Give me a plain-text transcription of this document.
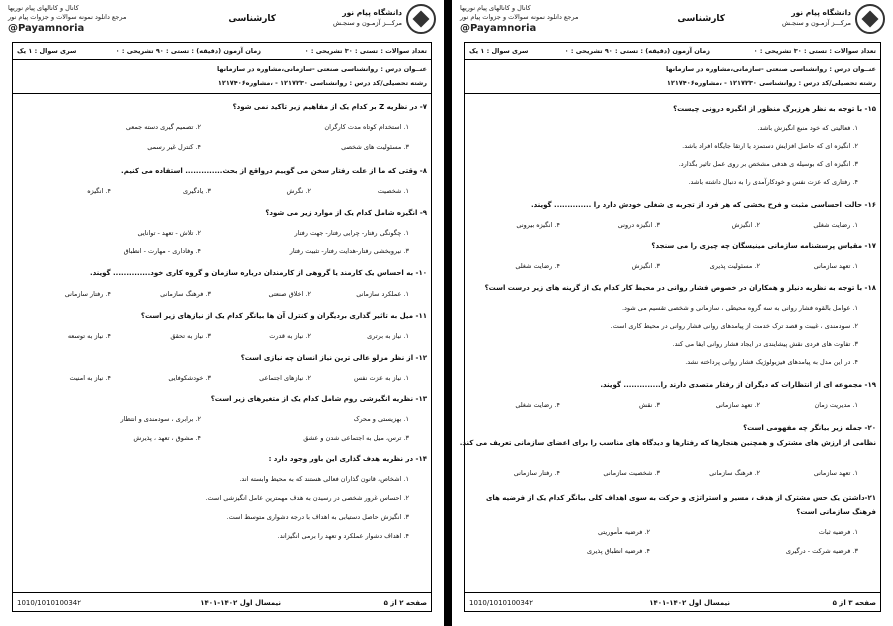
دانشگاه پیام نور
مرکـــز آزمـون و سنجـش
کارشناسی
کانال و کانالهای پیام نوریها
مرجع دانلود نمونه سوالات و جزوات پیام نور
@Payamnoria
تعداد سوالات : تستی : ۳۰ تشریحی : ۰
زمان آزمون (دقیقه) : تستی : ۹۰ تشریحی : ۰
سری سوال : ۱ یک
عنــوان درس : روانشناسی صنعتی -سازمانی،مشاوره در سازمانها
رشته تحصیلی/کد درس : روانشناسی ۱۲۱۷۲۳۰ - ،مشاوره۱۲۱۷۴۰۶
۷- در نظریه Z بر کدام یک از مفاهیم زیر تاکید نمی شود؟
۱. استخدام کوتاه مدت کارگران
۲. تصمیم گیری دسته جمعی
۳. مسئولیت های شخصی
۴. کنترل غیر رسمی
۸- وقتی که ما از علت رفتار سخن می گوییم درواقع از بحث.............. استفاده می کنیم.
۱. شخصیت
۲. نگرش
۳. یادگیری
۴. انگیزه
۹- انگیزه شامل کدام یک از موارد زیر می شود؟
۱. چگونگی رفتار- چرایی رفتار- جهت رفتار
۲. تلاش - تعهد - توانایی
۳. نیروبخشی رفتار-هدایت رفتار- تثبیت رفتار
۴. وفاداری - مهارت - انطباق
۱۰- به احساس یک کارمند یا گروهی از کارمندان درباره سازمان و گروه کاری خود.............. گویند.
۱. عملکرد سازمانی
۲. اخلاق صنعتی
۳. فرهنگ سازمانی
۴. رفتار سازمانی
۱۱- میل به تاثیر گذاری بردیگران و کنترل آن ها بیانگر کدام یک از نیازهای زیر است؟
۱. نیاز به برتری
۲. نیاز به قدرت
۳. نیاز به تحقق
۴. نیاز به توسعه
۱۲- از نظر مزلو عالی ترین نیاز انسان چه نیازی است؟
۱. نیاز به عزت نفس
۲. نیازهای اجتماعی
۳. خودشکوفایی
۴. نیاز به امنیت
۱۳- نظریه انگیزشی روم شامل کدام یک از متغیرهای زیر است؟
۱. بهزیستی و محرک
۲. برابری ، سودمندی و انتظار
۳. ترس، میل به اجتماعی شدن و عشق
۴. مشوق ، تعهد ، پذیرش
۱۴- در نظریه هدف گذاری این باور وجود دارد :
۱. اشخاص، قانون گذاران فعالی هستند که به محیط وابسته اند.
۲. احساس غرور شخصی در رسیدن به هدف مهمترین عامل انگیزشی است.
۳. انگیزش حاصل دستیابی به اهداف با درجه دشواری متوسط است.
۴. اهداف دشوار عملکرد و تعهد را برمی انگیزاند.
صفحه ۲ از ۵
نیمسال اول ۱۴۰۲-۱۴۰۱
1010/101010034۲
دانشگاه پیام نور
مرکـــز آزمـون و سنجـش
کارشناسی
کانال و کانالهای پیام نوریها
مرجع دانلود نمونه سوالات و جزوات پیام نور
@Payamnoria
تعداد سوالات : تستی : ۳۰ تشریحی : ۰
زمان آزمون (دقیقه) : تستی : ۹۰ تشریحی : ۰
سری سوال : ۱ یک
عنــوان درس : روانشناسی صنعتی -سازمانی،مشاوره در سازمانها
رشته تحصیلی/کد درس : روانشناسی ۱۲۱۷۲۳۰ - ،مشاوره۱۲۱۷۴۰۶
۱۵- با توجه به نظر هرزبرگ منظور از انگیزه درونی چیست؟
۱. فعالیتی که خود منبع انگیزش باشد.
۲. انگیزه ای که حاصل افزایش دستمزد یا ارتقا جایگاه افراد باشد.
۳. انگیزه ای که بوسیله ی هدفی مشخص بر روی عمل تاثیر بگذارد.
۴. رفتاری که عزت نفس و خودکارآمدی را به دنبال داشته باشد.
۱۶- حالت احساسی مثبت و فرح بخشی که هر فرد از تجربه ی شغلی خودش دارد را .............. گویند.
۱. رضایت شغلی
۲. انگیزش
۳. انگیزه درونی
۴. انگیزه بیرونی
۱۷- مقیاس پرسشنامه سازمانی مینیسگان چه چیزی را می سنجد؟
۱. تعهد سازمانی
۲. مسئولیت پذیری
۳. انگیزش
۴. رضایت شغلی
۱۸- با توجه به نظریه دنیلز و همکاران در خصوص فشار روانی در محیط کار کدام یک از گزینه های زیر درست است؟
۱. عوامل بالقوه فشار روانی به سه گروه محیطی ، سازمانی و شخصی تقسیم می شود.
۲. سودمندی ، غیبت و قصد ترک خدمت از پیامدهای روانی فشار روانی در محیط کاری است.
۳. تفاوت های فردی نقش پیشایندی در ایجاد فشار روانی ایفا می کند.
۴. در این مدل به پیامدهای فیزیولوژیک فشار روانی پرداخته نشد.
۱۹- مجموعه ای از انتظارات که دیگران از رفتار متصدی دارند را.............. گویند.
۱. مدیریت زمان
۲. تعهد سازمانی
۳. نقش
۴. رضایت شغلی
۲۰- جمله زیر بیانگر چه مفهومی است؟
نظامی از ارزش های مشترک و همچنین هنجارها که رفتارها و دیدگاه های مناسب را برای اعضای سازمانی تعریف می کند.
۱. تعهد سازمانی
۲. فرهنگ سازمانی
۳. شخصیت سازمانی
۴. رفتار سازمانی
۲۱-داشتن یک حس مشترک از هدف ، مسیر و استراتژی و حرکت به سوی اهداف کلی بیانگر کدام یک از فرضیه های فرهنگ سازمانی است؟
۱. فرضیه ثبات
۲. فرضیه مأموریتی
۳. فرضیه شرکت - درگیری
۴. فرضیه انطباق پذیری
صفحه ۳ از ۵
نیمسال اول ۱۴۰۲-۱۴۰۱
1010/101010034۲
